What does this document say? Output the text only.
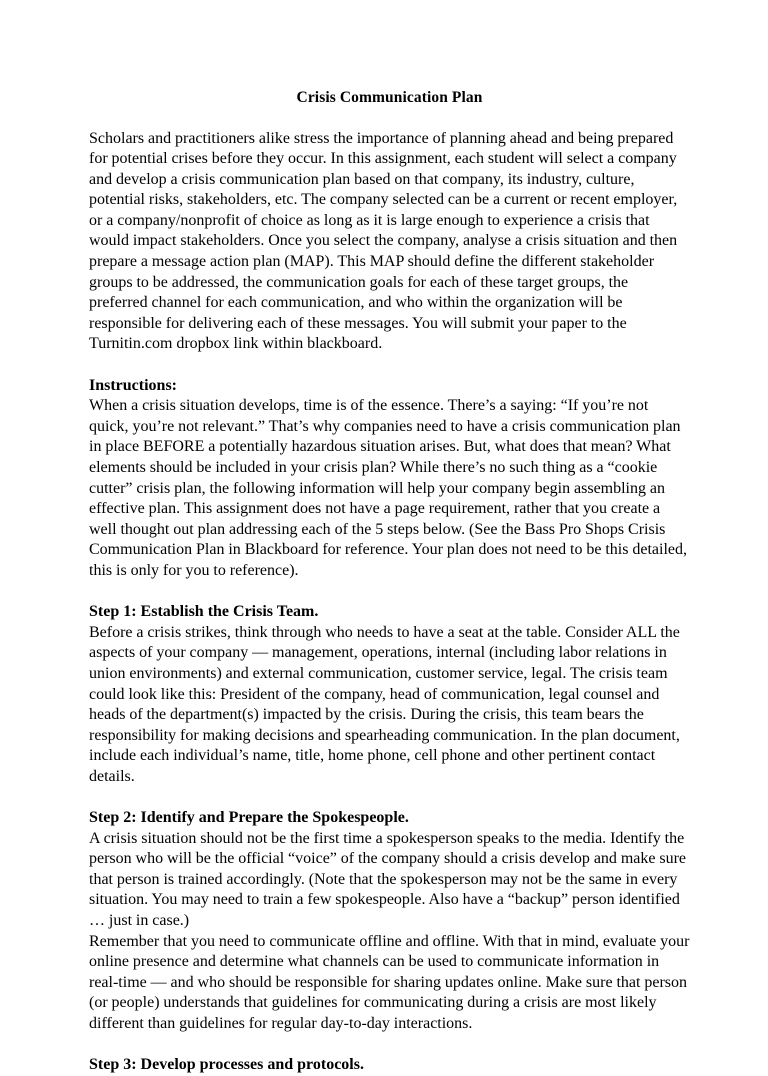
Crisis Communication Plan

Scholars and practitioners alike stress the importance of planning ahead and being prepared for potential crises before they occur. In this assignment, each student will select a company and develop a crisis communication plan based on that company, its industry, culture, potential risks, stakeholders, etc. The company selected can be a current or recent employer, or a company/nonprofit of choice as long as it is large enough to experience a crisis that would impact stakeholders. Once you select the company, analyse a crisis situation and then prepare a message action plan (MAP). This MAP should define the different stakeholder groups to be addressed, the communication goals for each of these target groups, the preferred channel for each communication, and who within the organization will be responsible for delivering each of these messages. You will submit your paper to the Turnitin.com dropbox link within blackboard.

Instructions:

When a crisis situation develops, time is of the essence. There’s a saying: “If you’re not quick, you’re not relevant.” That’s why companies need to have a crisis communication plan in place BEFORE a potentially hazardous situation arises. But, what does that mean? What elements should be included in your crisis plan? While there’s no such thing as a “cookie cutter” crisis plan, the following information will help your company begin assembling an effective plan. This assignment does not have a page requirement, rather that you create a well thought out plan addressing each of the 5 steps below. (See the Bass Pro Shops Crisis Communication Plan in Blackboard for reference. Your plan does not need to be this detailed, this is only for you to reference).

Step 1: Establish the Crisis Team.

Before a crisis strikes, think through who needs to have a seat at the table. Consider ALL the aspects of your company — management, operations, internal (including labor relations in union environments) and external communication, customer service, legal. The crisis team could look like this: President of the company, head of communication, legal counsel and heads of the department(s) impacted by the crisis. During the crisis, this team bears the responsibility for making decisions and spearheading communication. In the plan document, include each individual’s name, title, home phone, cell phone and other pertinent contact details.

Step 2: Identify and Prepare the Spokespeople.

A crisis situation should not be the first time a spokesperson speaks to the media. Identify the person who will be the official “voice” of the company should a crisis develop and make sure that person is trained accordingly. (Note that the spokesperson may not be the same in every situation. You may need to train a few spokespeople. Also have a “backup” person identified … just in case.)

Remember that you need to communicate offline and offline. With that in mind, evaluate your online presence and determine what channels can be used to communicate information in real-time — and who should be responsible for sharing updates online. Make sure that person (or people) understands that guidelines for communicating during a crisis are most likely different than guidelines for regular day-to-day interactions.

Step 3: Develop processes and protocols.
